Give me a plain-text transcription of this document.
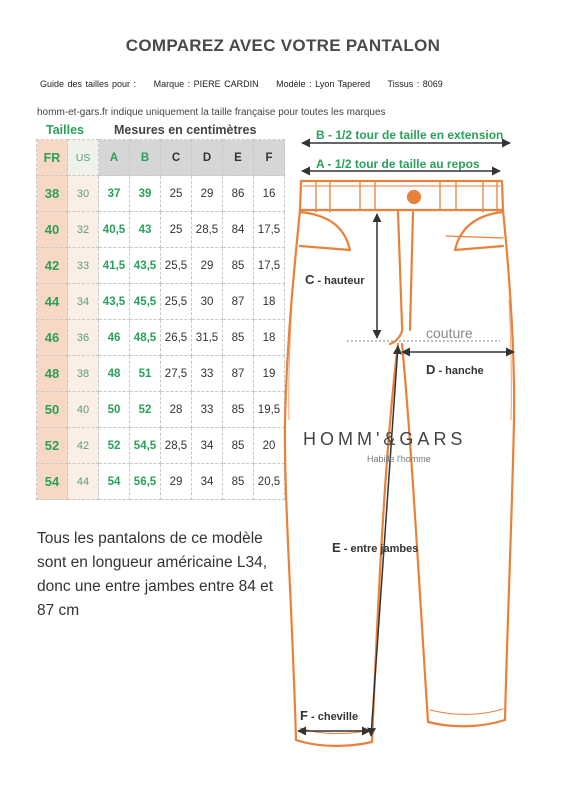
COMPAREZ AVEC VOTRE PANTALON
Guide des tailles pour : Marque : PIERE CARDIN Modèle : Lyon Tapered Tissus : 8069
homm-et-gars.fr indique uniquement la taille française pour toutes les marques
Tailles Mesures en centimètres
FR	US	A	B	C	D	E	F
38	30	37	39	25	29	86	16
40	32	40,5	43	25	28,5	84	17,5
42	33	41,5	43,5	25,5	29	85	17,5
44	34	43,5	45,5	25,5	30	87	18
46	36	46	48,5	26,5	31,5	85	18
48	38	48	51	27,5	33	87	19
50	40	50	52	28	33	85	19,5
52	42	52	54,5	28,5	34	85	20
54	44	54	56,5	29	34	85	20,5
Tous les pantalons de ce modèle sont en longueur américaine L34, donc une entre jambes entre 84 et 87 cm
B - 1/2 tour de taille en extension
A - 1/2 tour de taille au repos
C - hauteur
D - hanche
E - entre jambes
F - cheville
couture
HOMM'&GARS
Habille l'homme
